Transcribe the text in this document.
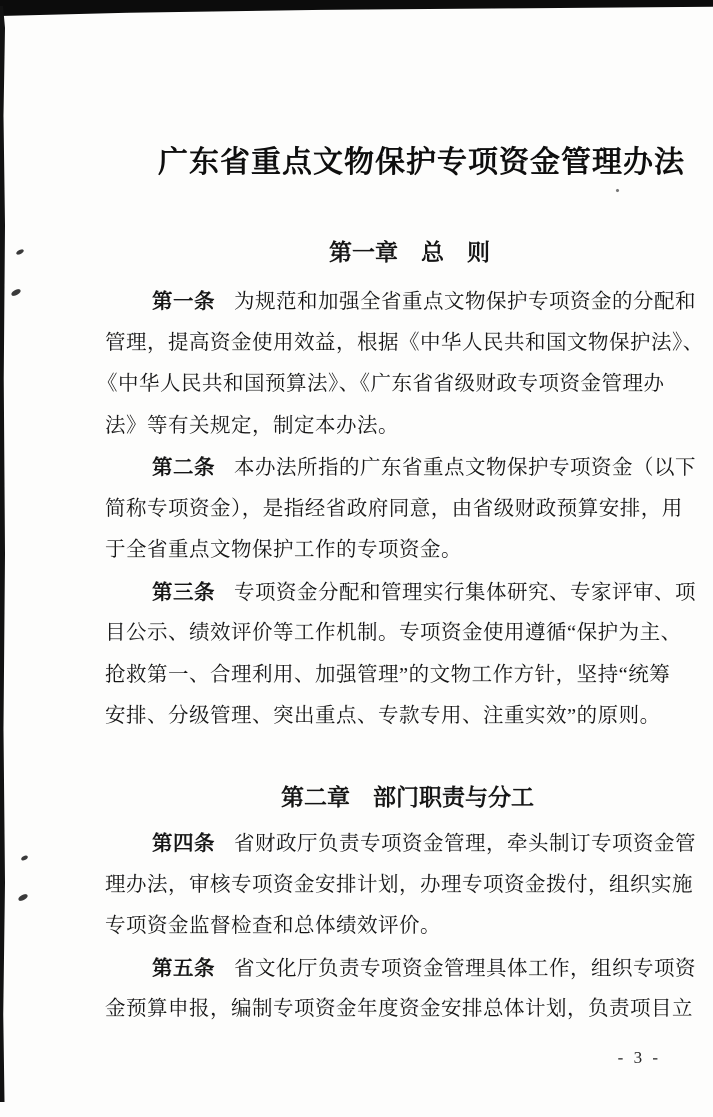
广东省重点文物保护专项资金管理办法
第一章　总　则
第一条 为规范和加强全省重点文物保护专项资金的分配和
管理，提高资金使用效益，根据《中华人民共和国文物保护法》、
《中华人民共和国预算法》、《广东省省级财政专项资金管理办
法》等有关规定，制定本办法。
第二条 本办法所指的广东省重点文物保护专项资金（以下
简称专项资金），是指经省政府同意，由省级财政预算安排，用
于全省重点文物保护工作的专项资金。
第三条 专项资金分配和管理实行集体研究、专家评审、项
目公示、绩效评价等工作机制。专项资金使用遵循“保护为主、
抢救第一、合理利用、加强管理”的文物工作方针，坚持“统筹
安排、分级管理、突出重点、专款专用、注重实效”的原则。
第二章　部门职责与分工
第四条 省财政厅负责专项资金管理，牵头制订专项资金管
理办法，审核专项资金安排计划，办理专项资金拨付，组织实施
专项资金监督检查和总体绩效评价。
第五条 省文化厅负责专项资金管理具体工作，组织专项资
金预算申报，编制专项资金年度资金安排总体计划，负责项目立
- 3 -
